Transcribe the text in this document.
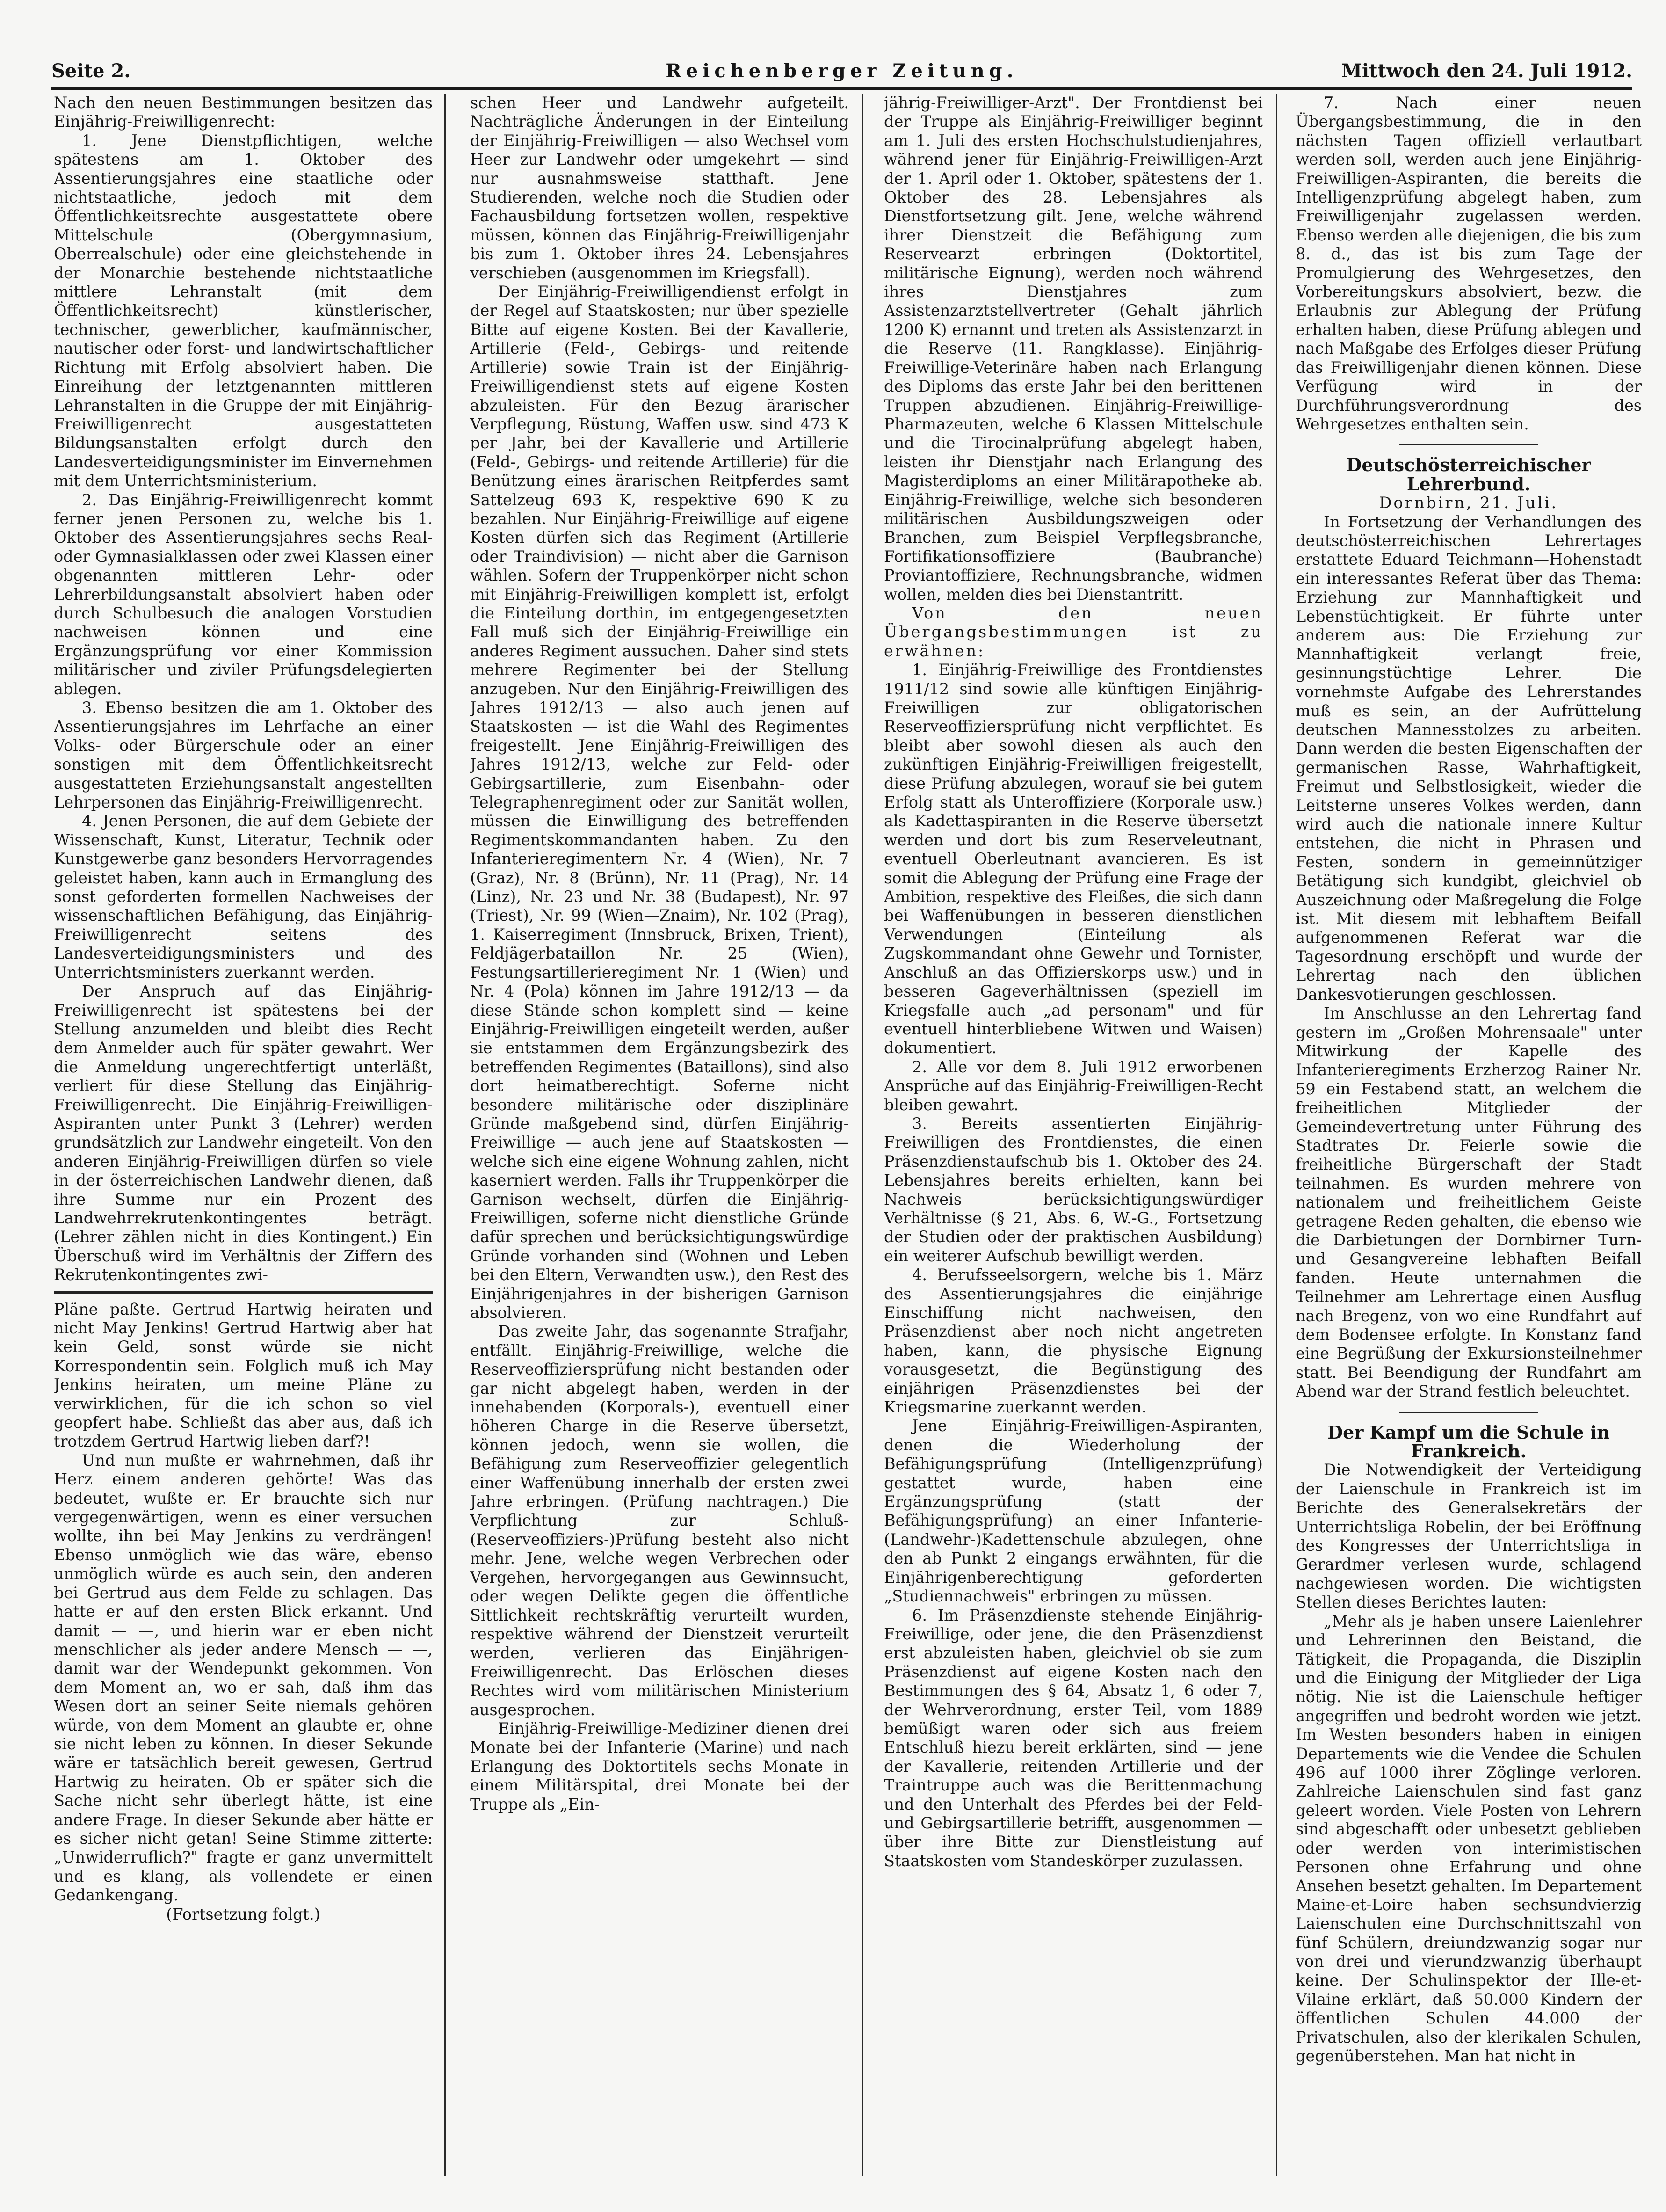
Seite 2.	Reichenberger Zeitung.	Mittwoch den 24. Juli 1912.

Nach den neuen Bestimmungen besitzen das Einjährig-Freiwilligenrecht:

1. Jene Dienstpflichtigen, welche spätestens am 1. Oktober des Assentierungsjahres eine staatliche oder nichtstaatliche, jedoch mit dem Öffentlichkeitsrechte ausgestattete obere Mittelschule (Obergymnasium, Oberrealschule) oder eine gleichstehende in der Monarchie bestehende nichtstaatliche mittlere Lehranstalt (mit dem Öffentlichkeitsrecht) künstlerischer, technischer, gewerblicher, kaufmännischer, nautischer oder forst- und landwirtschaftlicher Richtung mit Erfolg absolviert haben. Die Einreihung der letztgenannten mittleren Lehranstalten in die Gruppe der mit Einjährig-Freiwilligenrecht ausgestatteten Bildungsanstalten erfolgt durch den Landesverteidigungsminister im Einvernehmen mit dem Unterrichtsministerium.

2. Das Einjährig-Freiwilligenrecht kommt ferner jenen Personen zu, welche bis 1. Oktober des Assentierungsjahres sechs Real- oder Gymnasialklassen oder zwei Klassen einer obgenannten mittleren Lehr- oder Lehrerbildungsanstalt absolviert haben oder durch Schulbesuch die analogen Vorstudien nachweisen können und eine Ergänzungsprüfung vor einer Kommission militärischer und ziviler Prüfungsdelegierten ablegen.

3. Ebenso besitzen die am 1. Oktober des Assentierungsjahres im Lehrfache an einer Volks- oder Bürgerschule oder an einer sonstigen mit dem Öffentlichkeitsrecht ausgestatteten Erziehungsanstalt angestellten Lehrpersonen das Einjährig-Freiwilligenrecht.

4. Jenen Personen, die auf dem Gebiete der Wissenschaft, Kunst, Literatur, Technik oder Kunstgewerbe ganz besonders Hervorragendes geleistet haben, kann auch in Ermanglung des sonst geforderten formellen Nachweises der wissenschaftlichen Befähigung, das Einjährig-Freiwilligenrecht seitens des Landesverteidigungsministers und des Unterrichtsministers zuerkannt werden.

Der Anspruch auf das Einjährig-Freiwilligenrecht ist spätestens bei der Stellung anzumelden und bleibt dies Recht dem Anmelder auch für später gewahrt. Wer die Anmeldung ungerechtfertigt unterläßt, verliert für diese Stellung das Einjährig-Freiwilligenrecht. Die Einjährig-Freiwilligen-Aspiranten unter Punkt 3 (Lehrer) werden grundsätzlich zur Landwehr eingeteilt. Von den anderen Einjährig-Freiwilligen dürfen so viele in der österreichischen Landwehr dienen, daß ihre Summe nur ein Prozent des Landwehrrekrutenkontingentes beträgt. (Lehrer zählen nicht in dies Kontingent.) Ein Überschuß wird im Verhältnis der Ziffern des Rekrutenkontingentes zwi-

Pläne paßte. Gertrud Hartwig heiraten und nicht May Jenkins! Gertrud Hartwig aber hat kein Geld, sonst würde sie nicht Korrespondentin sein. Folglich muß ich May Jenkins heiraten, um meine Pläne zu verwirklichen, für die ich schon so viel geopfert habe. Schließt das aber aus, daß ich trotzdem Gertrud Hartwig lieben darf?!

Und nun mußte er wahrnehmen, daß ihr Herz einem anderen gehörte! Was das bedeutet, wußte er. Er brauchte sich nur vergegenwärtigen, wenn es einer versuchen wollte, ihn bei May Jenkins zu verdrängen! Ebenso unmöglich wie das wäre, ebenso unmöglich würde es auch sein, den anderen bei Gertrud aus dem Felde zu schlagen. Das hatte er auf den ersten Blick erkannt. Und damit — —, und hierin war er eben nicht menschlicher als jeder andere Mensch — —, damit war der Wendepunkt gekommen. Von dem Moment an, wo er sah, daß ihm das Wesen dort an seiner Seite niemals gehören würde, von dem Moment an glaubte er, ohne sie nicht leben zu können. In dieser Sekunde wäre er tatsächlich bereit gewesen, Gertrud Hartwig zu heiraten. Ob er später sich die Sache nicht sehr überlegt hätte, ist eine andere Frage. In dieser Sekunde aber hätte er es sicher nicht getan! Seine Stimme zitterte: „Unwiderruflich?" fragte er ganz unvermittelt und es klang, als vollendete er einen Gedankengang.

(Fortsetzung folgt.)

schen Heer und Landwehr aufgeteilt. Nachträgliche Änderungen in der Einteilung der Einjährig-Freiwilligen — also Wechsel vom Heer zur Landwehr oder umgekehrt — sind nur ausnahmsweise statthaft. Jene Studierenden, welche noch die Studien oder Fachausbildung fortsetzen wollen, respektive müssen, können das Einjährig-Freiwilligenjahr bis zum 1. Oktober ihres 24. Lebensjahres verschieben (ausgenommen im Kriegsfall).

Der Einjährig-Freiwilligendienst erfolgt in der Regel auf Staatskosten; nur über spezielle Bitte auf eigene Kosten. Bei der Kavallerie, Artillerie (Feld-, Gebirgs- und reitende Artillerie) sowie Train ist der Einjährig-Freiwilligendienst stets auf eigene Kosten abzuleisten. Für den Bezug ärarischer Verpflegung, Rüstung, Waffen usw. sind 473 K per Jahr, bei der Kavallerie und Artillerie (Feld-, Gebirgs- und reitende Artillerie) für die Benützung eines ärarischen Reitpferdes samt Sattelzeug 693 K, respektive 690 K zu bezahlen. Nur Einjährig-Freiwillige auf eigene Kosten dürfen sich das Regiment (Artillerie oder Traindivision) — nicht aber die Garnison wählen. Sofern der Truppenkörper nicht schon mit Einjährig-Freiwilligen komplett ist, erfolgt die Einteilung dorthin, im entgegengesetzten Fall muß sich der Einjährig-Freiwillige ein anderes Regiment aussuchen. Daher sind stets mehrere Regimenter bei der Stellung anzugeben. Nur den Einjährig-Freiwilligen des Jahres 1912/13 — also auch jenen auf Staatskosten — ist die Wahl des Regimentes freigestellt. Jene Einjährig-Freiwilligen des Jahres 1912/13, welche zur Feld- oder Gebirgsartillerie, zum Eisenbahn- oder Telegraphenregiment oder zur Sanität wollen, müssen die Einwilligung des betreffenden Regimentskommandanten haben. Zu den Infanterieregimentern Nr. 4 (Wien), Nr. 7 (Graz), Nr. 8 (Brünn), Nr. 11 (Prag), Nr. 14 (Linz), Nr. 23 und Nr. 38 (Budapest), Nr. 97 (Triest), Nr. 99 (Wien—Znaim), Nr. 102 (Prag), 1. Kaiserregiment (Innsbruck, Brixen, Trient), Feldjägerbataillon Nr. 25 (Wien), Festungsartillerieregiment Nr. 1 (Wien) und Nr. 4 (Pola) können im Jahre 1912/13 — da diese Stände schon komplett sind — keine Einjährig-Freiwilligen eingeteilt werden, außer sie entstammen dem Ergänzungsbezirk des betreffenden Regimentes (Bataillons), sind also dort heimatberechtigt. Soferne nicht besondere militärische oder disziplinäre Gründe maßgebend sind, dürfen Einjährig-Freiwillige — auch jene auf Staatskosten — welche sich eine eigene Wohnung zahlen, nicht kaserniert werden. Falls ihr Truppenkörper die Garnison wechselt, dürfen die Einjährig-Freiwilligen, soferne nicht dienstliche Gründe dafür sprechen und berücksichtigungswürdige Gründe vorhanden sind (Wohnen und Leben bei den Eltern, Verwandten usw.), den Rest des Einjährigenjahres in der bisherigen Garnison absolvieren.

Das zweite Jahr, das sogenannte Strafjahr, entfällt. Einjährig-Freiwillige, welche die Reserveoffiziersprüfung nicht bestanden oder gar nicht abgelegt haben, werden in der innehabenden (Korporals-), eventuell einer höheren Charge in die Reserve übersetzt, können jedoch, wenn sie wollen, die Befähigung zum Reserveoffizier gelegentlich einer Waffenübung innerhalb der ersten zwei Jahre erbringen. (Prüfung nachtragen.) Die Verpflichtung zur Schluß-(Reserveoffiziers-)Prüfung besteht also nicht mehr. Jene, welche wegen Verbrechen oder Vergehen, hervorgegangen aus Gewinnsucht, oder wegen Delikte gegen die öffentliche Sittlichkeit rechtskräftig verurteilt wurden, respektive während der Dienstzeit verurteilt werden, verlieren das Einjährigen-Freiwilligenrecht. Das Erlöschen dieses Rechtes wird vom militärischen Ministerium ausgesprochen.

Einjährig-Freiwillige-Mediziner dienen drei Monate bei der Infanterie (Marine) und nach Erlangung des Doktortitels sechs Monate in einem Militärspital, drei Monate bei der Truppe als „Ein-

jährig-Freiwilliger-Arzt". Der Frontdienst bei der Truppe als Einjährig-Freiwilliger beginnt am 1. Juli des ersten Hochschulstudienjahres, während jener für Einjährig-Freiwilligen-Arzt der 1. April oder 1. Oktober, spätestens der 1. Oktober des 28. Lebensjahres als Dienstfortsetzung gilt. Jene, welche während ihrer Dienstzeit die Befähigung zum Reservearzt erbringen (Doktortitel, militärische Eignung), werden noch während ihres Dienstjahres zum Assistenzarztstellvertreter (Gehalt jährlich 1200 K) ernannt und treten als Assistenzarzt in die Reserve (11. Rangklasse). Einjährig-Freiwillige-Veterinäre haben nach Erlangung des Diploms das erste Jahr bei den berittenen Truppen abzudienen. Einjährig-Freiwillige-Pharmazeuten, welche 6 Klassen Mittelschule und die Tirocinalprüfung abgelegt haben, leisten ihr Dienstjahr nach Erlangung des Magisterdiploms an einer Militärapotheke ab. Einjährig-Freiwillige, welche sich besonderen militärischen Ausbildungszweigen oder Branchen, zum Beispiel Verpflegsbranche, Fortifikationsoffiziere (Baubranche) Proviantoffiziere, Rechnungsbranche, widmen wollen, melden dies bei Dienstantritt.

Von den neuen Übergangsbestimmungen ist zu erwähnen:

1. Einjährig-Freiwillige des Frontdienstes 1911/12 sind sowie alle künftigen Einjährig-Freiwilligen zur obligatorischen Reserveoffiziersprüfung nicht verpflichtet. Es bleibt aber sowohl diesen als auch den zukünftigen Einjährig-Freiwilligen freigestellt, diese Prüfung abzulegen, worauf sie bei gutem Erfolg statt als Unteroffiziere (Korporale usw.) als Kadettaspiranten in die Reserve übersetzt werden und dort bis zum Reserveleutnant, eventuell Oberleutnant avancieren. Es ist somit die Ablegung der Prüfung eine Frage der Ambition, respektive des Fleißes, die sich dann bei Waffenübungen in besseren dienstlichen Verwendungen (Einteilung als Zugskommandant ohne Gewehr und Tornister, Anschluß an das Offizierskorps usw.) und in besseren Gageverhältnissen (speziell im Kriegsfalle auch „ad personam" und für eventuell hinterbliebene Witwen und Waisen) dokumentiert.

2. Alle vor dem 8. Juli 1912 erworbenen Ansprüche auf das Einjährig-Freiwilligen-Recht bleiben gewahrt.

3. Bereits assentierten Einjährig-Freiwilligen des Frontdienstes, die einen Präsenzdienstaufschub bis 1. Oktober des 24. Lebensjahres bereits erhielten, kann bei Nachweis berücksichtigungswürdiger Verhältnisse (§ 21, Abs. 6, W.-G., Fortsetzung der Studien oder der praktischen Ausbildung) ein weiterer Aufschub bewilligt werden.

4. Berufsseelsorgern, welche bis 1. März des Assentierungsjahres die einjährige Einschiffung nicht nachweisen, den Präsenzdienst aber noch nicht angetreten haben, kann, die physische Eignung vorausgesetzt, die Begünstigung des einjährigen Präsenzdienstes bei der Kriegsmarine zuerkannt werden.

Jene Einjährig-Freiwilligen-Aspiranten, denen die Wiederholung der Befähigungsprüfung (Intelligenzprüfung) gestattet wurde, haben eine Ergänzungsprüfung (statt der Befähigungsprüfung) an einer Infanterie-(Landwehr-)Kadettenschule abzulegen, ohne den ab Punkt 2 eingangs erwähnten, für die Einjährigenberechtigung geforderten „Studiennachweis" erbringen zu müssen.

6. Im Präsenzdienste stehende Einjährig-Freiwillige, oder jene, die den Präsenzdienst erst abzuleisten haben, gleichviel ob sie zum Präsenzdienst auf eigene Kosten nach den Bestimmungen des § 64, Absatz 1, 6 oder 7, der Wehrverordnung, erster Teil, vom 1889 bemüßigt waren oder sich aus freiem Entschluß hiezu bereit erklärten, sind — jene der Kavallerie, reitenden Artillerie und der Traintruppe auch was die Berittenmachung und den Unterhalt des Pferdes bei der Feld- und Gebirgsartillerie betrifft, ausgenommen — über ihre Bitte zur Dienstleistung auf Staatskosten vom Standeskörper zuzulassen.

7. Nach einer neuen Übergangsbestimmung, die in den nächsten Tagen offiziell verlautbart werden soll, werden auch jene Einjährig-Freiwilligen-Aspiranten, die bereits die Intelligenzprüfung abgelegt haben, zum Freiwilligenjahr zugelassen werden. Ebenso werden alle diejenigen, die bis zum 8. d., das ist bis zum Tage der Promulgierung des Wehrgesetzes, den Vorbereitungskurs absolviert, bezw. die Erlaubnis zur Ablegung der Prüfung erhalten haben, diese Prüfung ablegen und nach Maßgabe des Erfolges dieser Prüfung das Freiwilligenjahr dienen können. Diese Verfügung wird in der Durchführungsverordnung des Wehrgesetzes enthalten sein.

Deutschösterreichischer Lehrerbund.

Dornbirn, 21. Juli.

In Fortsetzung der Verhandlungen des deutschösterreichischen Lehrertages erstattete Eduard Teichmann—Hohenstadt ein interessantes Referat über das Thema: Erziehung zur Mannhaftigkeit und Lebenstüchtigkeit. Er führte unter anderem aus: Die Erziehung zur Mannhaftigkeit verlangt freie, gesinnungstüchtige Lehrer. Die vornehmste Aufgabe des Lehrerstandes muß es sein, an der Aufrüttelung deutschen Mannesstolzes zu arbeiten. Dann werden die besten Eigenschaften der germanischen Rasse, Wahrhaftigkeit, Freimut und Selbstlosigkeit, wieder die Leitsterne unseres Volkes werden, dann wird auch die nationale innere Kultur entstehen, die nicht in Phrasen und Festen, sondern in gemeinnütziger Betätigung sich kundgibt, gleichviel ob Auszeichnung oder Maßregelung die Folge ist. Mit diesem mit lebhaftem Beifall aufgenommenen Referat war die Tagesordnung erschöpft und wurde der Lehrertag nach den üblichen Dankesvotierungen geschlossen.

Im Anschlusse an den Lehrertag fand gestern im „Großen Mohrensaale" unter Mitwirkung der Kapelle des Infanterieregiments Erzherzog Rainer Nr. 59 ein Festabend statt, an welchem die freiheitlichen Mitglieder der Gemeindevertretung unter Führung des Stadtrates Dr. Feierle sowie die freiheitliche Bürgerschaft der Stadt teilnahmen. Es wurden mehrere von nationalem und freiheitlichem Geiste getragene Reden gehalten, die ebenso wie die Darbietungen der Dornbirner Turn- und Gesangvereine lebhaften Beifall fanden. Heute unternahmen die Teilnehmer am Lehrertage einen Ausflug nach Bregenz, von wo eine Rundfahrt auf dem Bodensee erfolgte. In Konstanz fand eine Begrüßung der Exkursionsteilnehmer statt. Bei Beendigung der Rundfahrt am Abend war der Strand festlich beleuchtet.

Der Kampf um die Schule in Frankreich.

Die Notwendigkeit der Verteidigung der Laienschule in Frankreich ist im Berichte des Generalsekretärs der Unterrichtsliga Robelin, der bei Eröffnung des Kongresses der Unterrichtsliga in Gerardmer verlesen wurde, schlagend nachgewiesen worden. Die wichtigsten Stellen dieses Berichtes lauten:

„Mehr als je haben unsere Laienlehrer und Lehrerinnen den Beistand, die Tätigkeit, die Propaganda, die Disziplin und die Einigung der Mitglieder der Liga nötig. Nie ist die Laienschule heftiger angegriffen und bedroht worden wie jetzt. Im Westen besonders haben in einigen Departements wie die Vendee die Schulen 496 auf 1000 ihrer Zöglinge verloren. Zahlreiche Laienschulen sind fast ganz geleert worden. Viele Posten von Lehrern sind abgeschafft oder unbesetzt geblieben oder werden von interimistischen Personen ohne Erfahrung und ohne Ansehen besetzt gehalten. Im Departement Maine-et-Loire haben sechsundvierzig Laienschulen eine Durchschnittszahl von fünf Schülern, dreiundzwanzig sogar nur von drei und vierundzwanzig überhaupt keine. Der Schulinspektor der Ille-et-Vilaine erklärt, daß 50.000 Kindern der öffentlichen Schulen 44.000 der Privatschulen, also der klerikalen Schulen, gegenüberstehen. Man hat nicht in
